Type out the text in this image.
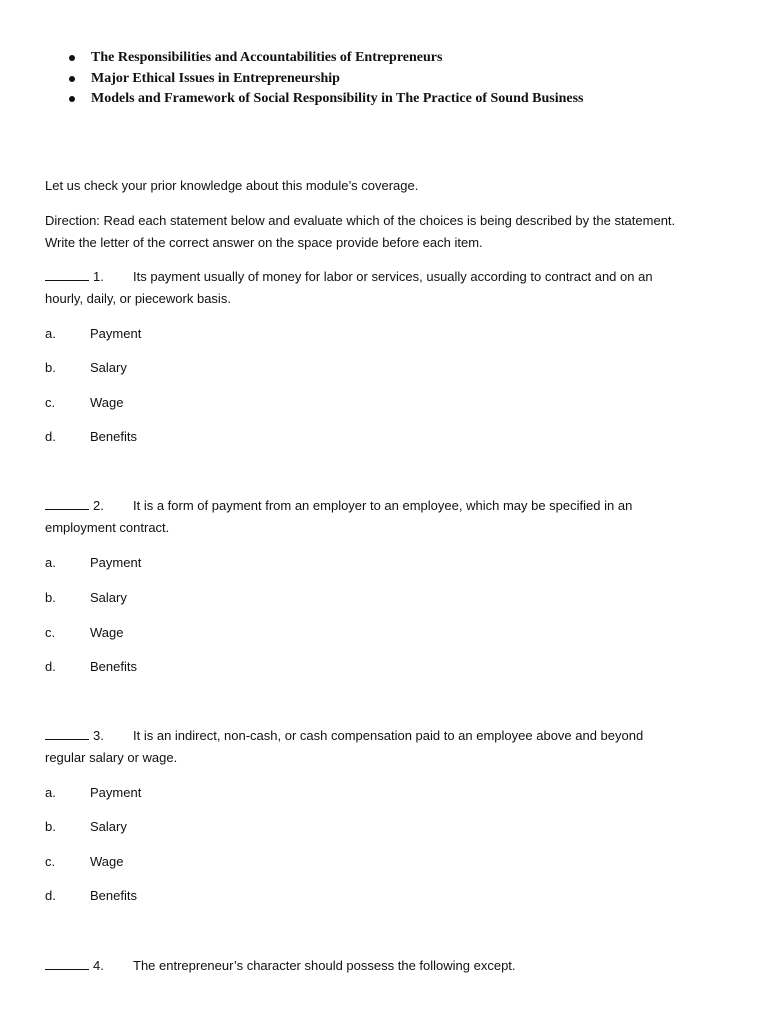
The Responsibilities and Accountabilities of Entrepreneurs
Major Ethical Issues in Entrepreneurship
Models and Framework of Social Responsibility in The Practice of Sound Business

Let us check your prior knowledge about this module’s coverage.

Direction: Read each statement below and evaluate which of the choices is being described by the statement.
Write the letter of the correct answer on the space provide before each item.
1. Its payment usually of money for labor or services, usually according to contract and on an
hourly, daily, or piecework basis.
a.	Payment
b.	Salary
c.	Wage
d.	Benefits
2. It is a form of payment from an employer to an employee, which may be specified in an
employment contract.
a.	Payment
b.	Salary
c.	Wage
d.	Benefits
3. It is an indirect, non-cash, or cash compensation paid to an employee above and beyond
regular salary or wage.
a.	Payment
b.	Salary
c.	Wage
d.	Benefits
4. The entrepreneur’s character should possess the following except.
